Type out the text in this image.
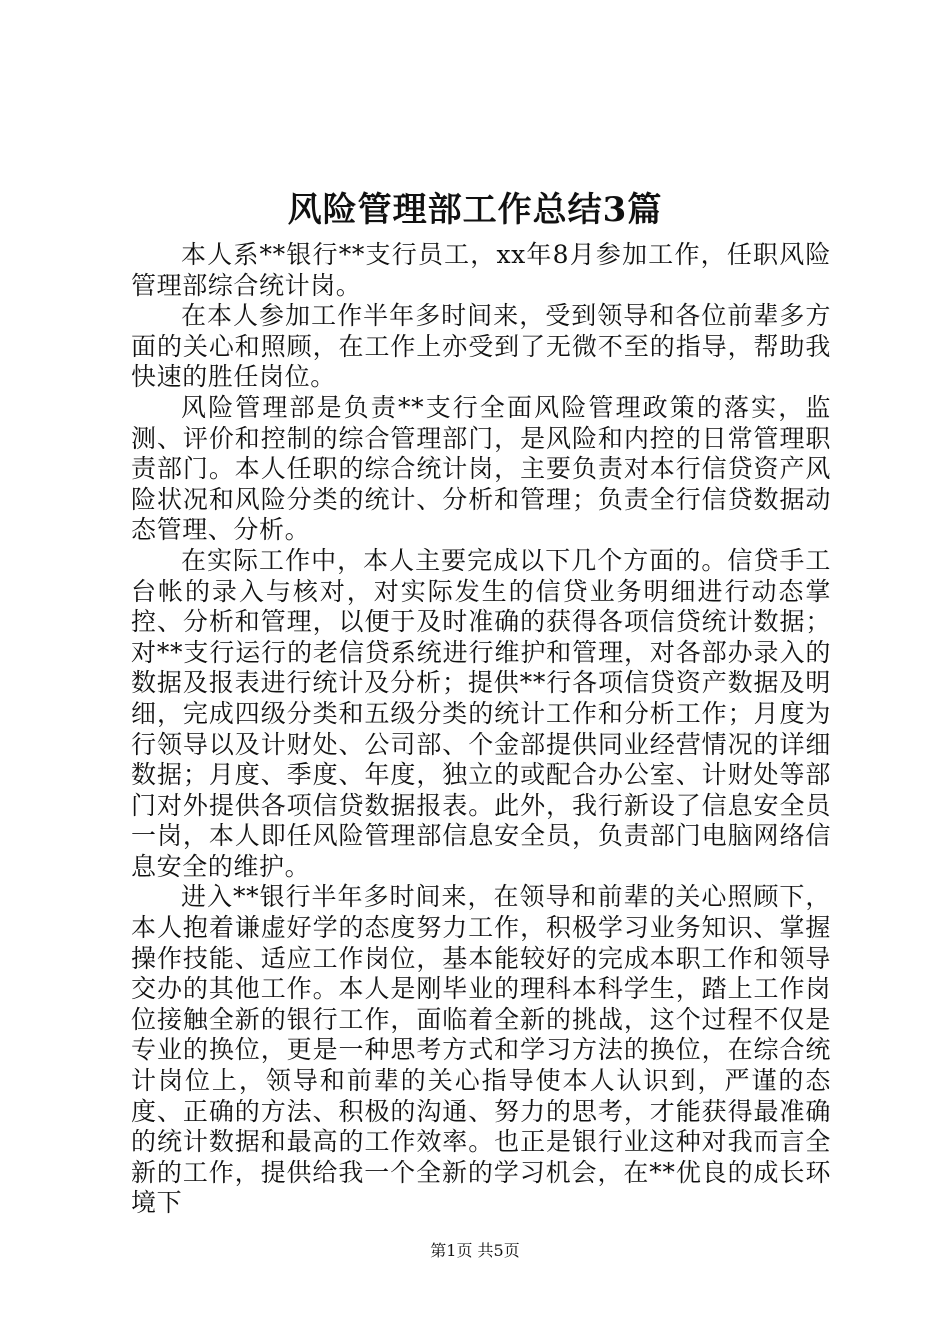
风险管理部工作总结3篇

本人系**银行**支行员工，xx年8月参加工作，任职风险管理部综合统计岗。

在本人参加工作半年多时间来，受到领导和各位前辈多方面的关心和照顾，在工作上亦受到了无微不至的指导，帮助我快速的胜任岗位。

风险管理部是负责**支行全面风险管理政策的落实，监测、评价和控制的综合管理部门，是风险和内控的日常管理职责部门。本人任职的综合统计岗，主要负责对本行信贷资产风险状况和风险分类的统计、分析和管理；负责全行信贷数据动态管理、分析。

在实际工作中，本人主要完成以下几个方面的。信贷手工台帐的录入与核对，对实际发生的信贷业务明细进行动态掌控、分析和管理，以便于及时准确的获得各项信贷统计数据；对**支行运行的老信贷系统进行维护和管理，对各部办录入的数据及报表进行统计及分析；提供**行各项信贷资产数据及明细，完成四级分类和五级分类的统计工作和分析工作；月度为行领导以及计财处、公司部、个金部提供同业经营情况的详细数据；月度、季度、年度，独立的或配合办公室、计财处等部门对外提供各项信贷数据报表。此外，我行新设了信息安全员一岗，本人即任风险管理部信息安全员，负责部门电脑网络信息安全的维护。

进入**银行半年多时间来，在领导和前辈的关心照顾下，本人抱着谦虚好学的态度努力工作，积极学习业务知识、掌握操作技能、适应工作岗位，基本能较好的完成本职工作和领导交办的其他工作。本人是刚毕业的理科本科学生，踏上工作岗位接触全新的银行工作，面临着全新的挑战，这个过程不仅是专业的换位，更是一种思考方式和学习方法的换位，在综合统计岗位上，领导和前辈的关心指导使本人认识到，严谨的态度、正确的方法、积极的沟通、努力的思考，才能获得最准确的统计数据和最高的工作效率。也正是银行业这种对我而言全新的工作，提供给我一个全新的学习机会，在**优良的成长环境下

第1页 共5页
